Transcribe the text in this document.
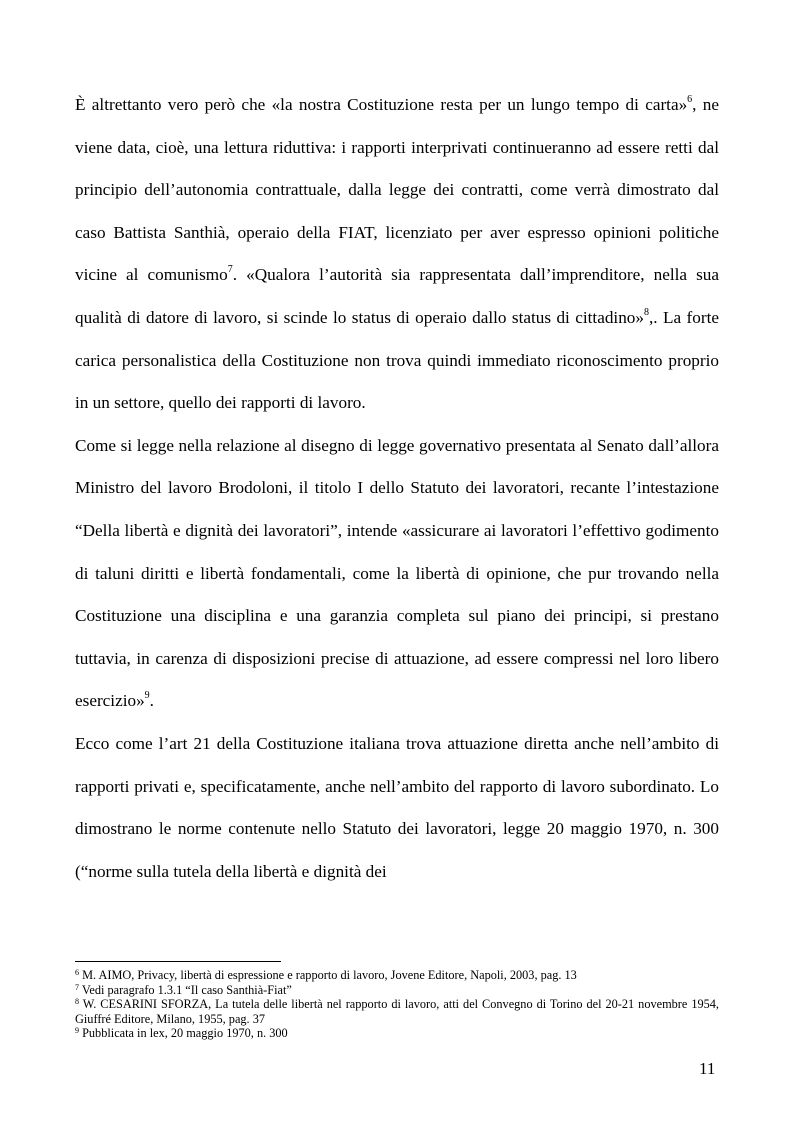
È altrettanto vero però che «la nostra Costituzione resta per un lungo tempo di carta»$^6$, ne viene data, cioè, una lettura riduttiva: i rapporti interprivati continueranno ad essere retti dal principio dell’autonomia contrattuale, dalla legge dei contratti, come verrà dimostrato dal caso Battista Santhià, operaio della FIAT, licenziato per aver espresso opinioni politiche vicine al comunismo$^7$. «Qualora l’autorità sia rappresentata dall’imprenditore, nella sua qualità di datore di lavoro, si scinde lo status di operaio dallo status di cittadino»$^8$,. La forte carica personalistica della Costituzione non trova quindi immediato riconoscimento proprio in un settore, quello dei rapporti di lavoro.

Come si legge nella relazione al disegno di legge governativo presentata al Senato dall’allora Ministro del lavoro Brodoloni, il titolo I dello Statuto dei lavoratori, recante l’intestazione “Della libertà e dignità dei lavoratori”, intende «assicurare ai lavoratori l’effettivo godimento di taluni diritti e libertà fondamentali, come la libertà di opinione, che pur trovando nella Costituzione una disciplina e una garanzia completa sul piano dei principi, si prestano tuttavia, in carenza di disposizioni precise di attuazione, ad essere compressi nel loro libero esercizio»$^9$.

Ecco come l’art 21 della Costituzione italiana trova attuazione diretta anche nell’ambito di rapporti privati e, specificatamente, anche nell’ambito del rapporto di lavoro subordinato. Lo dimostrano le norme contenute nello Statuto dei lavoratori, legge 20 maggio 1970, n. 300 (“norme sulla tutela della libertà e dignità dei

$^6$ M. AIMO, Privacy, libertà di espressione e rapporto di lavoro, Jovene Editore, Napoli, 2003, pag. 13

$^7$ Vedi paragrafo 1.3.1 “Il caso Santhià-Fiat”

$^8$ W. CESARINI SFORZA, La tutela delle libertà nel rapporto di lavoro, atti del Convegno di Torino del 20-21 novembre 1954, Giuffré Editore, Milano, 1955, pag. 37

$^9$ Pubblicata in lex, 20 maggio 1970, n. 300

11
